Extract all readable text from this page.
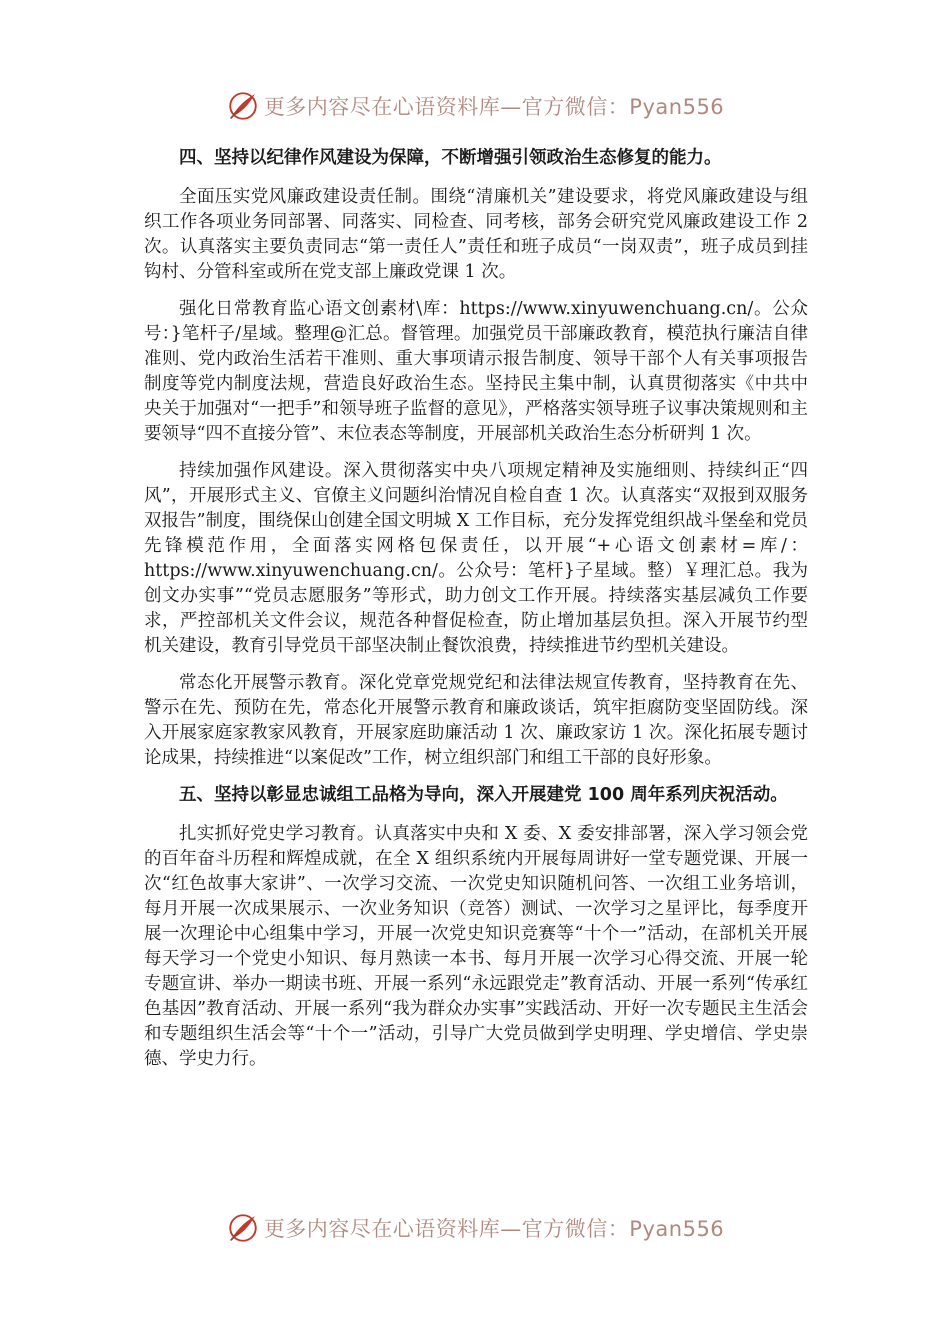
更多内容尽在心语资料库—官方微信：Pyan556
四、坚持以纪律作风建设为保障，不断增强引领政治生态修复的能力。

全面压实党风廉政建设责任制。围绕“清廉机关”建设要求，将党风廉政建设与组织工作各项业务同部署、同落实、同检查、同考核，部务会研究党风廉政建设工作 2 次。认真落实主要负责同志“第一责任人”责任和班子成员“一岗双责”，班子成员到挂钩村、分管科室或所在党支部上廉政党课 1 次。

强化日常教育监心语文创素材\库：https://www.xinyuwenchuang.cn/。公众号：}笔杆子/星域。整理@汇总。督管理。加强党员干部廉政教育，模范执行廉洁自律准则、党内政治生活若干准则、重大事项请示报告制度、领导干部个人有关事项报告制度等党内制度法规，营造良好政治生态。坚持民主集中制，认真贯彻落实《中共中央关于加强对“一把手”和领导班子监督的意见》，严格落实领导班子议事决策规则和主要领导“四不直接分管”、末位表态等制度，开展部机关政治生态分析研判 1 次。

持续加强作风建设。深入贯彻落实中央八项规定精神及实施细则、持续纠正“四风”，开展形式主义、官僚主义问题纠治情况自检自查 1 次。认真落实“双报到双服务双报告”制度，围绕保山创建全国文明城 X 工作目标，充分发挥党组织战斗堡垒和党员先锋模范作用，全面落实网格包保责任，以开展“+心语文创素材=库/：https://www.xinyuwenchuang.cn/。公众号：笔杆}子星域。整）￥理汇总。我为创文办实事”“党员志愿服务”等形式，助力创文工作开展。持续落实基层减负工作要求，严控部机关文件会议，规范各种督促检查，防止增加基层负担。深入开展节约型机关建设，教育引导党员干部坚决制止餐饮浪费，持续推进节约型机关建设。

常态化开展警示教育。深化党章党规党纪和法律法规宣传教育，坚持教育在先、警示在先、预防在先，常态化开展警示教育和廉政谈话，筑牢拒腐防变坚固防线。深入开展家庭家教家风教育，开展家庭助廉活动 1 次、廉政家访 1 次。深化拓展专题讨论成果，持续推进“以案促改”工作，树立组织部门和组工干部的良好形象。

五、坚持以彰显忠诚组工品格为导向，深入开展建党 100 周年系列庆祝活动。

扎实抓好党史学习教育。认真落实中央和 X 委、X 委安排部署，深入学习领会党的百年奋斗历程和辉煌成就，在全 X 组织系统内开展每周讲好一堂专题党课、开展一次“红色故事大家讲”、一次学习交流、一次党史知识随机问答、一次组工业务培训，每月开展一次成果展示、一次业务知识（竞答）测试、一次学习之星评比，每季度开展一次理论中心组集中学习，开展一次党史知识竞赛等“十个一”活动，在部机关开展每天学习一个党史小知识、每月熟读一本书、每月开展一次学习心得交流、开展一轮专题宣讲、举办一期读书班、开展一系列“永远跟党走”教育活动、开展一系列“传承红色基因”教育活动、开展一系列“我为群众办实事”实践活动、开好一次专题民主生活会和专题组织生活会等“十个一”活动，引导广大党员做到学史明理、学史增信、学史崇德、学史力行。

更多内容尽在心语资料库—官方微信：Pyan556
